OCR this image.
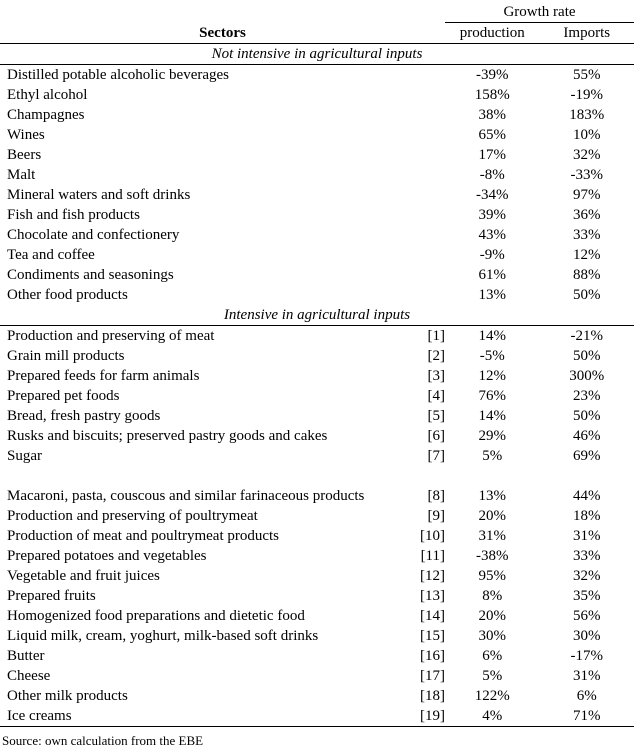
		Growth rate	
Sectors		production	Imports
Not intensive in agricultural inputs			
Distilled potable alcoholic beverages		-39%	55%
Ethyl alcohol		158%	-19%
Champagnes		38%	183%
Wines		65%	10%
Beers		17%	32%
Malt		-8%	-33%
Mineral waters and soft drinks		-34%	97%
Fish and fish products		39%	36%
Chocolate and confectionery		43%	33%
Tea and coffee		-9%	12%
Condiments and seasonings		61%	88%
Other food products		13%	50%
Intensive in agricultural inputs			
Production and preserving of meat	[1]	14%	-21%
Grain mill products	[2]	-5%	50%
Prepared feeds for farm animals	[3]	12%	300%
Prepared pet foods	[4]	76%	23%
Bread, fresh pastry goods	[5]	14%	50%
Rusks and biscuits; preserved pastry goods and cakes	[6]	29%	46%
Sugar	[7]	5%	69%
Macaroni, pasta, couscous and similar farinaceous products	[8]	13%	44%
Production and preserving of poultrymeat	[9]	20%	18%
Production of meat and poultrymeat products	[10]	31%	31%
Prepared potatoes and vegetables	[11]	-38%	33%
Vegetable and fruit juices	[12]	95%	32%
Prepared fruits	[13]	8%	35%
Homogenized food preparations and dietetic food	[14]	20%	56%
Liquid milk, cream, yoghurt, milk-based soft drinks	[15]	30%	30%
Butter	[16]	6%	-17%
Cheese	[17]	5%	31%
Other milk products	[18]	122%	6%
Ice creams	[19]	4%	71%
Source: own calculation from the EBE
